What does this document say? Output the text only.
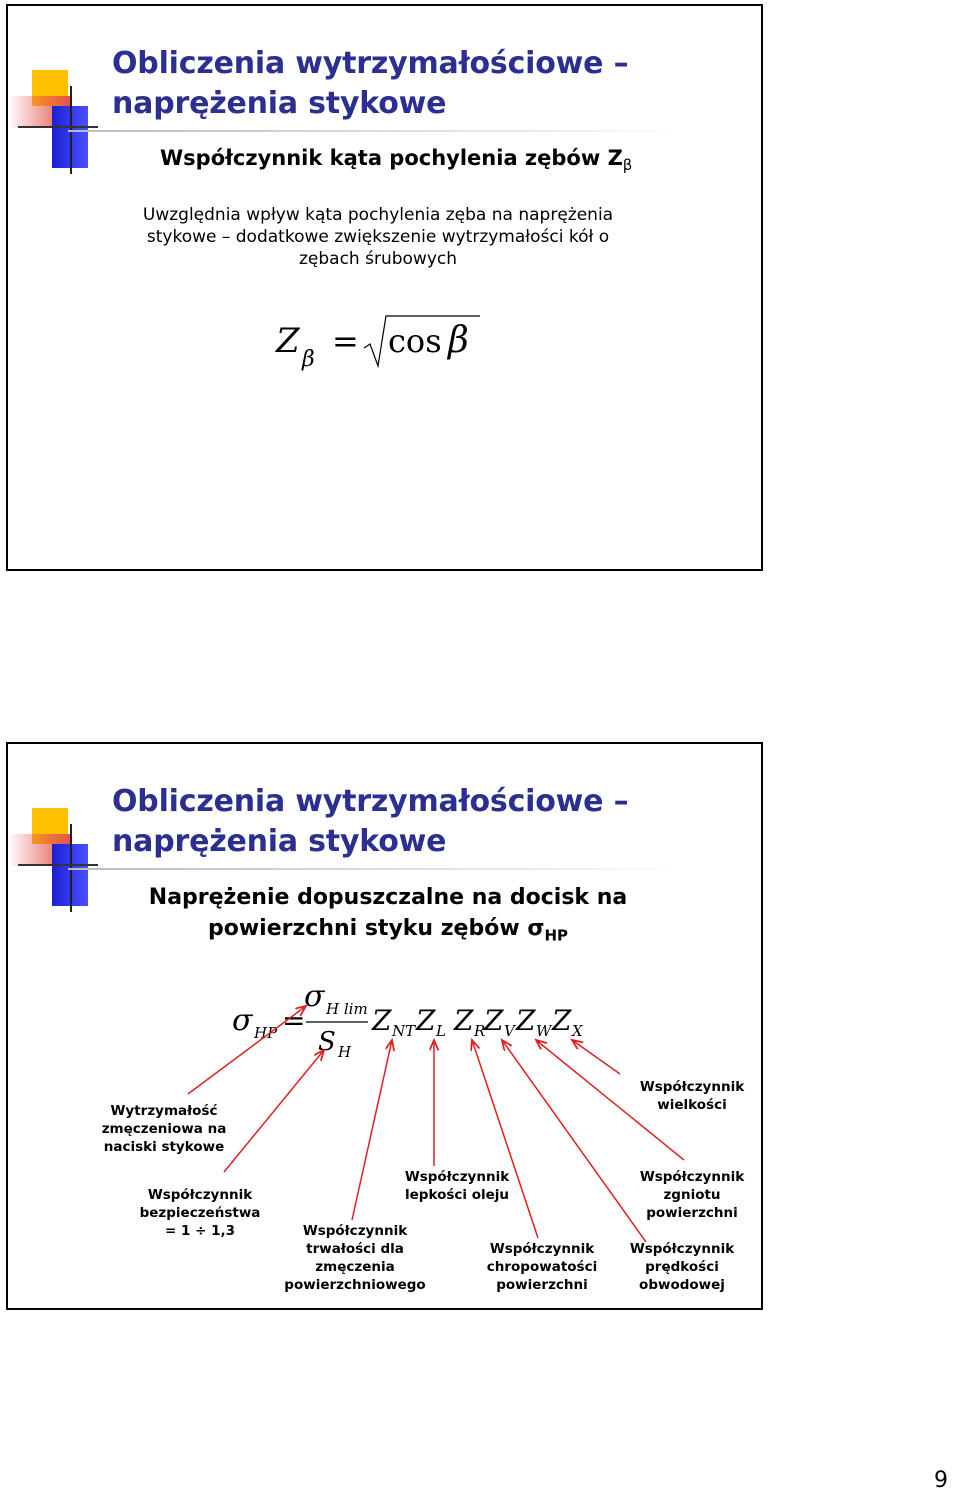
Obliczenia wytrzymałościowe –
naprężenia stykowe
Współczynnik kąta pochylenia zębów $Z_\beta$
Uwzględnia wpływ kąta pochylenia zęba na naprężenia
stykowe – dodatkowe zwiększenie wytrzymałości kół o
zębach śrubowych
Z β = cos β
Obliczenia wytrzymałościowe –
naprężenia stykowe
Naprężenie dopuszczalne na docisk na
powierzchni styku zębów $\sigma_{HP}$
σ HP =
σ H lim
S H
Z NT Z L Z R
Z V Z W Z X
Wytrzymałość
zmęczeniowa na
naciski stykowe
Współczynnik
bezpieczeństwa
= 1 ÷ 1,3	Współczynnik
trwałości dla
zmęczenia
powierzchniowego
Współczynnik
lepkości oleju
Współczynnik
chropowatości
powierzchni
Współczynnik
prędkości
obwodowej
Współczynnik
wielkości
Współczynnik
zgniotu
powierzchni
9
